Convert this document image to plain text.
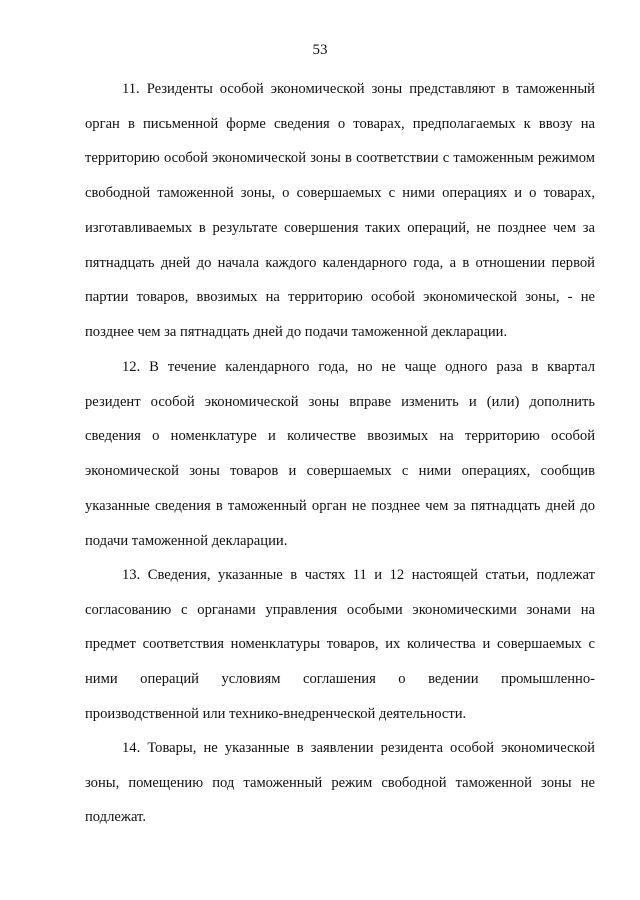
53

11. Резиденты особой экономической зоны представляют в таможенный орган в письменной форме сведения о товарах, предполагаемых к ввозу на территорию особой экономической зоны в соответствии с таможенным режимом свободной таможенной зоны, о совершаемых с ними операциях и о товарах, изготавливаемых в результате совершения таких операций, не позднее чем за пятнадцать дней до начала каждого календарного года, а в отношении первой партии товаров, ввозимых на территорию особой экономической зоны, - не позднее чем за пятнадцать дней до подачи таможенной декларации.

12. В течение календарного года, но не чаще одного раза в квартал резидент особой экономической зоны вправе изменить и (или) дополнить сведения о номенклатуре и количестве ввозимых на территорию особой экономической зоны товаров и совершаемых с ними операциях, сообщив указанные сведения в таможенный орган не позднее чем за пятнадцать дней до подачи таможенной декларации.

13. Сведения, указанные в частях 11 и 12 настоящей статьи, подлежат согласованию с органами управления особыми экономическими зонами на предмет соответствия номенклатуры товаров, их количества и совершаемых с ними операций условиям соглашения о ведении промышленно-производственной или технико-внедренческой деятельности.

14. Товары, не указанные в заявлении резидента особой экономической зоны, помещению под таможенный режим свободной таможенной зоны не подлежат.
